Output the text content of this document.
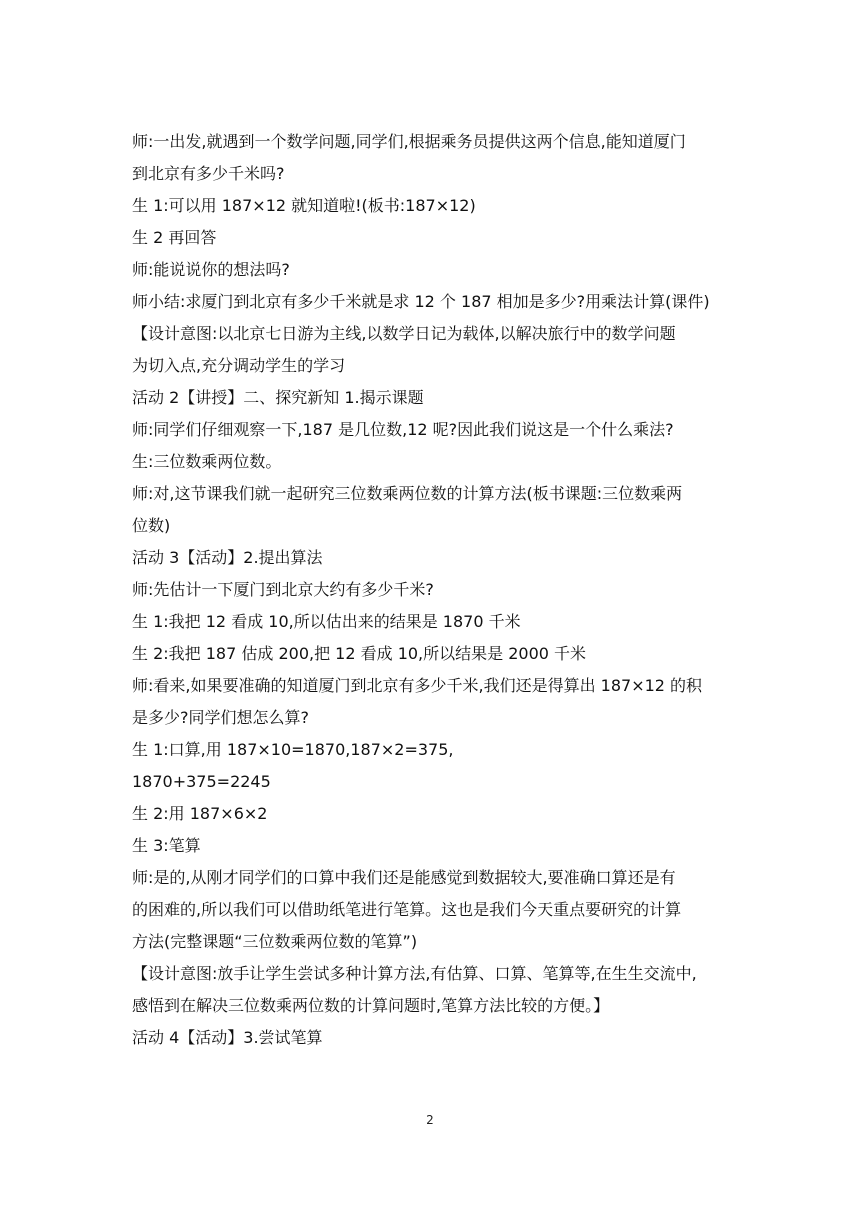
师:一出发,就遇到一个数学问题,同学们,根据乘务员提供这两个信息,能知道厦门
到北京有多少千米吗?
生 1:可以用 187×12 就知道啦!(板书:187×12)
生 2 再回答
师:能说说你的想法吗?
师小结:求厦门到北京有多少千米就是求 12 个 187 相加是多少?用乘法计算(课件)
【设计意图:以北京七日游为主线,以数学日记为载体,以解决旅行中的数学问题
为切入点,充分调动学生的学习
活动 2【讲授】二、探究新知 1.揭示课题
师:同学们仔细观察一下,187 是几位数,12 呢?因此我们说这是一个什么乘法?
生:三位数乘两位数。
师:对,这节课我们就一起研究三位数乘两位数的计算方法(板书课题:三位数乘两
位数)
活动 3【活动】2.提出算法
师:先估计一下厦门到北京大约有多少千米?
生 1:我把 12 看成 10,所以估出来的结果是 1870 千米
生 2:我把 187 估成 200,把 12 看成 10,所以结果是 2000 千米
师:看来,如果要准确的知道厦门到北京有多少千米,我们还是得算出 187×12 的积
是多少?同学们想怎么算?
生 1:口算,用 187×10=1870,187×2=375,
1870+375=2245
生 2:用 187×6×2
生 3:笔算
师:是的,从刚才同学们的口算中我们还是能感觉到数据较大,要准确口算还是有
的困难的,所以我们可以借助纸笔进行笔算。这也是我们今天重点要研究的计算
方法(完整课题“三位数乘两位数的笔算”)
【设计意图:放手让学生尝试多种计算方法,有估算、口算、笔算等,在生生交流中,
感悟到在解决三位数乘两位数的计算问题时,笔算方法比较的方便。】
活动 4【活动】3.尝试笔算
2
